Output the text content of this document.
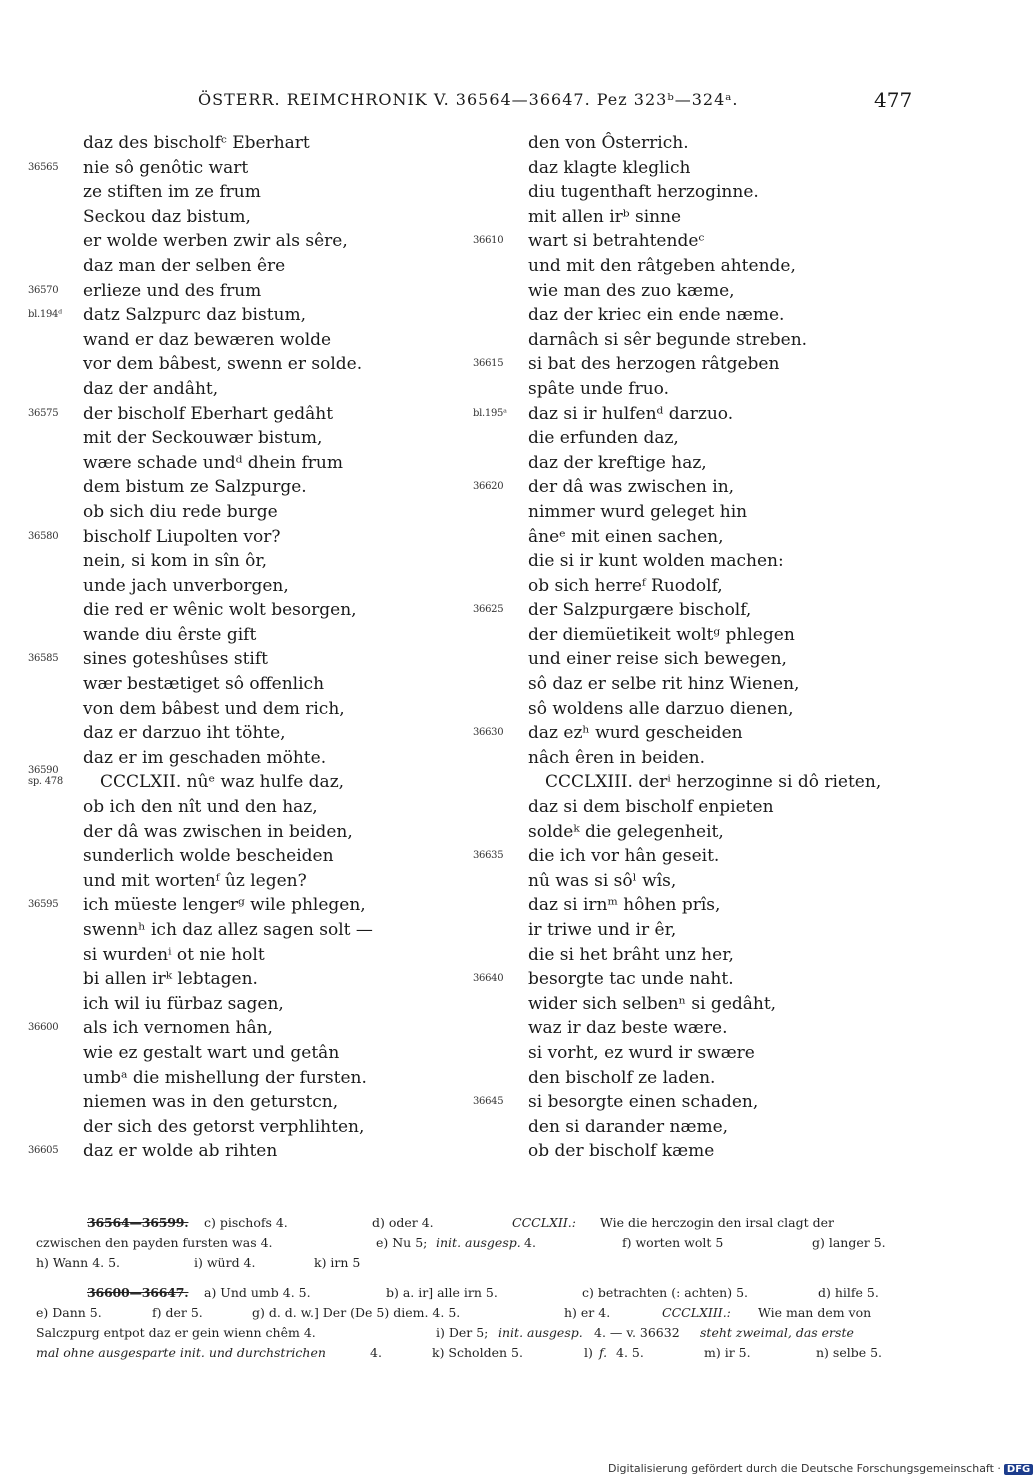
ÖSTERR. REIMCHRONIK V. 36564—36647. Pez 323ᵇ—324ᵃ.	477
daz des bischolfᶜ Eberhart
36565	nie sô genôtic wart
ze stiften im ze frum
Seckou daz bistum,
er wolde werben zwir als sêre,
daz man der selben êre
36570	erlieze und des frum
bl.194ᵈ	datz Salzpurc daz bistum,
wand er daz bewæren wolde
vor dem bâbest, swenn er solde.
daz der andâht,
36575	der bischolf Eberhart gedâht
mit der Seckouwær bistum,
wære schade undᵈ dhein frum
dem bistum ze Salzpurge.
ob sich diu rede burge
36580	bischolf Liupolten vor?
nein, si kom in sîn ôr,
unde jach unverborgen,
die red er wênic wolt besorgen,
wande diu êrste gift
36585	sines goteshûses stift
wær bestætiget sô offenlich
von dem bâbest und dem rich,
daz er darzuo iht töhte,
daz er im geschaden möhte.
36590
sp. 478	CCCLXII. nûᵉ waz hulfe daz,
ob ich den nît und den haz,
der dâ was zwischen in beiden,
sunderlich wolde bescheiden
und mit wortenᶠ ûz legen?
36595	ich müeste lengerᵍ wile phlegen,
swennʰ ich daz allez sagen solt —
si wurdenⁱ ot nie holt
bi allen irᵏ lebtagen.
ich wil iu fürbaz sagen,
36600	als ich vernomen hân,
wie ez gestalt wart und getân
umbᵃ die mishellung der fursten.
niemen was in den geturstcn,
der sich des getorst verphlihten,
36605	daz er wolde ab rihten
den von Ôsterrich.
daz klagte kleglich
diu tugenthaft herzoginne.
mit allen irᵇ sinne
36610	wart si betrahtendeᶜ
und mit den râtgeben ahtende,
wie man des zuo kæme,
daz der kriec ein ende næme.
darnâch si sêr begunde streben.
36615	si bat des herzogen râtgeben
spâte unde fruo.
bl.195ᵃ	daz si ir hulfenᵈ darzuo.
die erfunden daz,
daz der kreftige haz,
36620	der dâ was zwischen in,
nimmer wurd geleget hin
âneᵉ mit einen sachen,
die si ir kunt wolden machen:
ob sich herreᶠ Ruodolf,
36625	der Salzpurgære bischolf,
der diemüetikeit woltᵍ phlegen
und einer reise sich bewegen,
sô daz er selbe rit hinz Wienen,
sô woldens alle darzuo dienen,
36630	daz ezʰ wurd gescheiden
nâch êren in beiden.
CCCLXIII. derⁱ herzoginne si dô rieten,
daz si dem bischolf enpieten
soldeᵏ die gelegenheit,
36635	die ich vor hân geseit.
nû was si sôˡ wîs,
daz si irnᵐ hôhen prîs,
ir triwe und ir êr,
die si het brâht unz her,
36640	besorgte tac unde naht.
wider sich selbenⁿ si gedâht,
waz ir daz beste wære.
si vorht, ez wurd ir swære
den bischolf ze laden.
36645	si besorgte einen schaden,
den si darander næme,
ob der bischolf kæme
36564—36599. c) pischofs 4.	d) oder 4.	CCCLXII.: Wie die herczogin den irsal clagt der
czwischen den payden fursten was 4.	e) Nu 5; init. ausgesp. 4.	f) worten wolt 5	g) langer 5.
h) Wann 4. 5.	i) würd 4.	k) irn 5
36600—36647. a) Und umb 4. 5.	b) a. ir] alle irn 5.	c) betrachten (: achten) 5.	d) hilfe 5.
e) Dann 5.	f) der 5.	g) d. d. w.] Der (De 5) diem. 4. 5.	h) er 4.	CCCLXIII.: Wie man dem von
Salczpurg entpot daz er gein wienn chêm 4.	i) Der 5; init. ausgesp. 4. — v. 36632 steht zweimal, das erste
mal ohne ausgesparte init. und durchstrichen	4.	k) Scholden 5.	l) f. 4. 5.	m) ir 5.	n) selbe 5.
Digitalisierung gefördert durch die Deutsche Forschungsgemeinschaft · DFG
